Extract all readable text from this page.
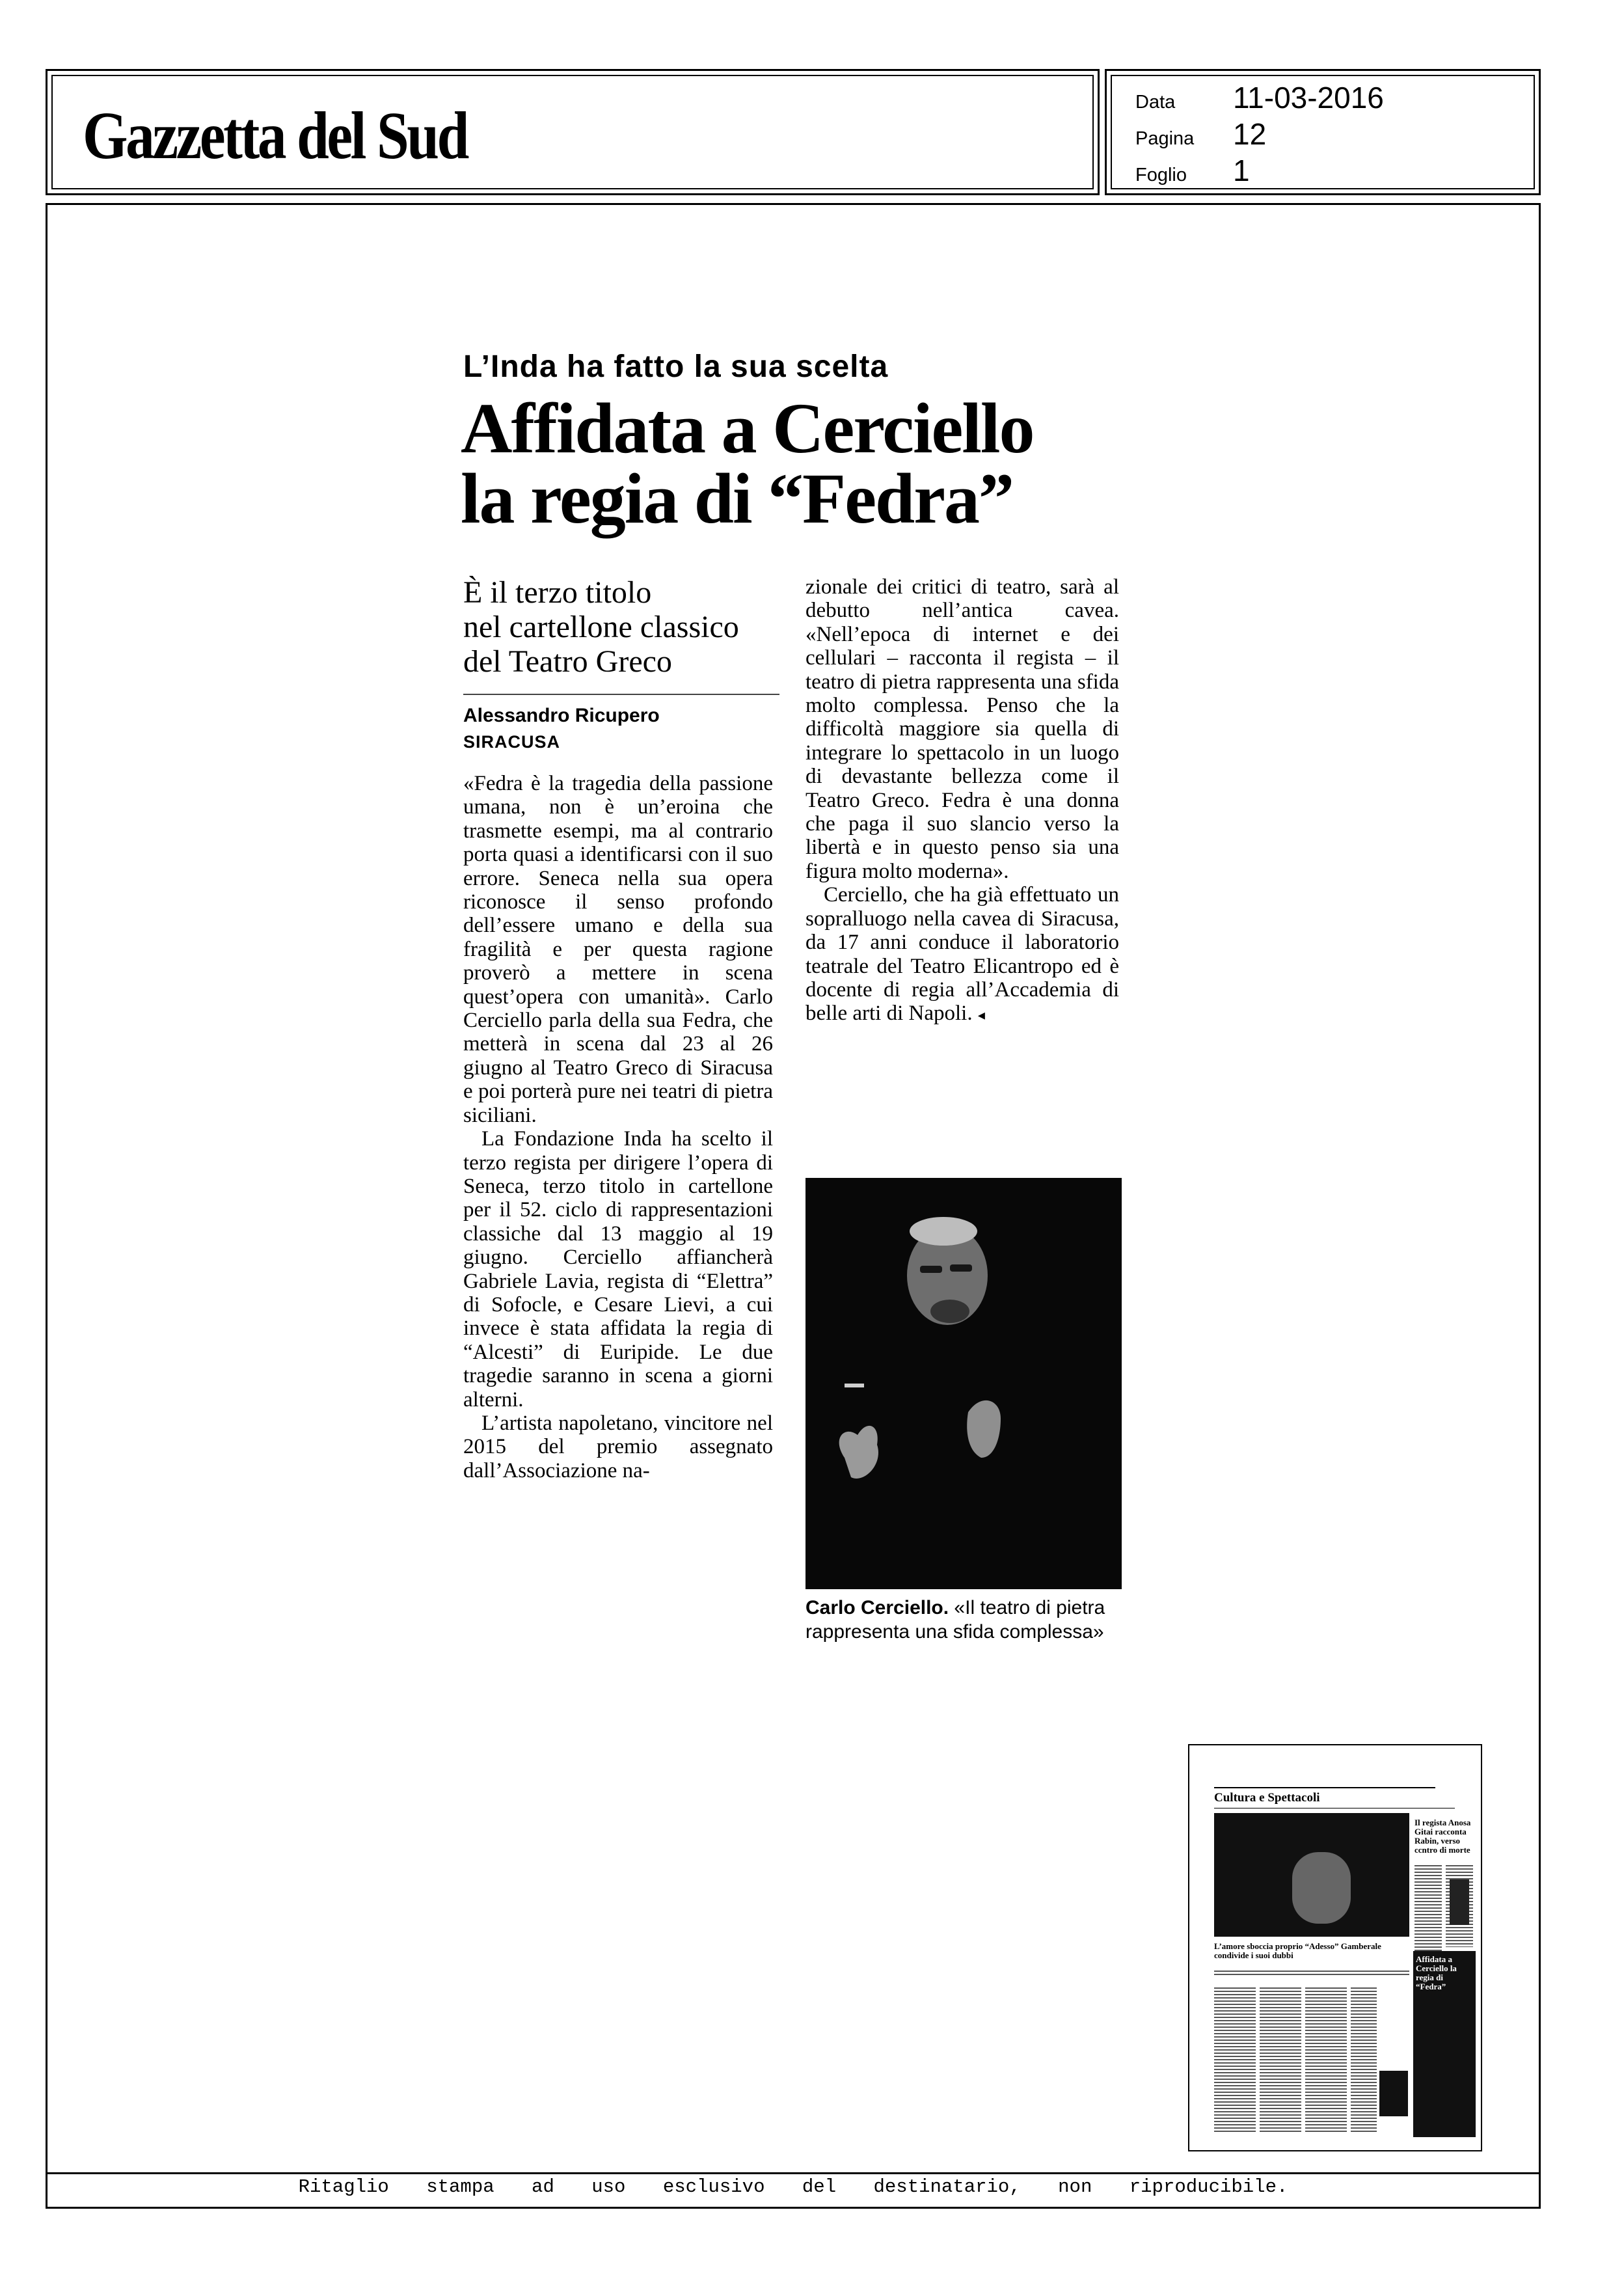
Gazzetta del Sud	Data 11-03-2016
Pagina 12
Foglio 1
L’Inda ha fatto la sua scelta
Affidata a Cerciello
la regia di “Fedra”
È il terzo titolo
nel cartellone classico
del Teatro Greco
Alessandro Ricupero
SIRACUSA

«Fedra è la tragedia della passione umana, non è un’eroina che trasmette esempi, ma al contrario porta quasi a identificarsi con il suo errore. Seneca nella sua opera riconosce il senso profondo dell’essere umano e della sua fragilità e per questa ragione proverò a mettere in scena quest’opera con umanità». Carlo Cerciello parla della sua Fedra, che metterà in scena dal 23 al 26 giugno al Teatro Greco di Siracusa e poi porterà pure nei teatri di pietra siciliani.

La Fondazione Inda ha scelto il terzo regista per dirigere l’opera di Seneca, terzo titolo in cartellone per il 52. ciclo di rappresentazioni classiche dal 13 maggio al 19 giugno. Cerciello affiancherà Gabriele Lavia, regista di “Elettra” di Sofocle, e Cesare Lievi, a cui invece è stata affidata la regia di “Alcesti” di Euripide. Le due tragedie saranno in scena a giorni alterni.

L’artista napoletano, vincitore nel 2015 del premio assegnato dall’Associazione na-

zionale dei critici di teatro, sarà al debutto nell’antica cavea. «Nell’epoca di internet e dei cellulari – racconta il regista – il teatro di pietra rappresenta una sfida molto complessa. Penso che la difficoltà maggiore sia quella di integrare lo spettacolo in un luogo di devastante bellezza come il Teatro Greco. Fedra è una donna che paga il suo slancio verso la libertà e in questo penso sia una figura molto moderna».

Cerciello, che ha già effettuato un sopralluogo nella cavea di Siracusa, da 17 anni conduce il laboratorio teatrale del Teatro Elicantropo ed è docente di regia all’Accademia di belle arti di Napoli. ◂

Carlo Cerciello. «Il teatro di pietra rappresenta una sfida complessa»
Cultura e Spettacoli
Il regista Anosa Gitai racconta Rabin, verso ccntro di morte
L’amore sboccia proprio “Adesso” Gamberale condivide i suoi dubbi	Affidata a Cerciello la regia di “Fedra”
Ritaglio stampa ad uso esclusivo del destinatario, non riproducibile.
